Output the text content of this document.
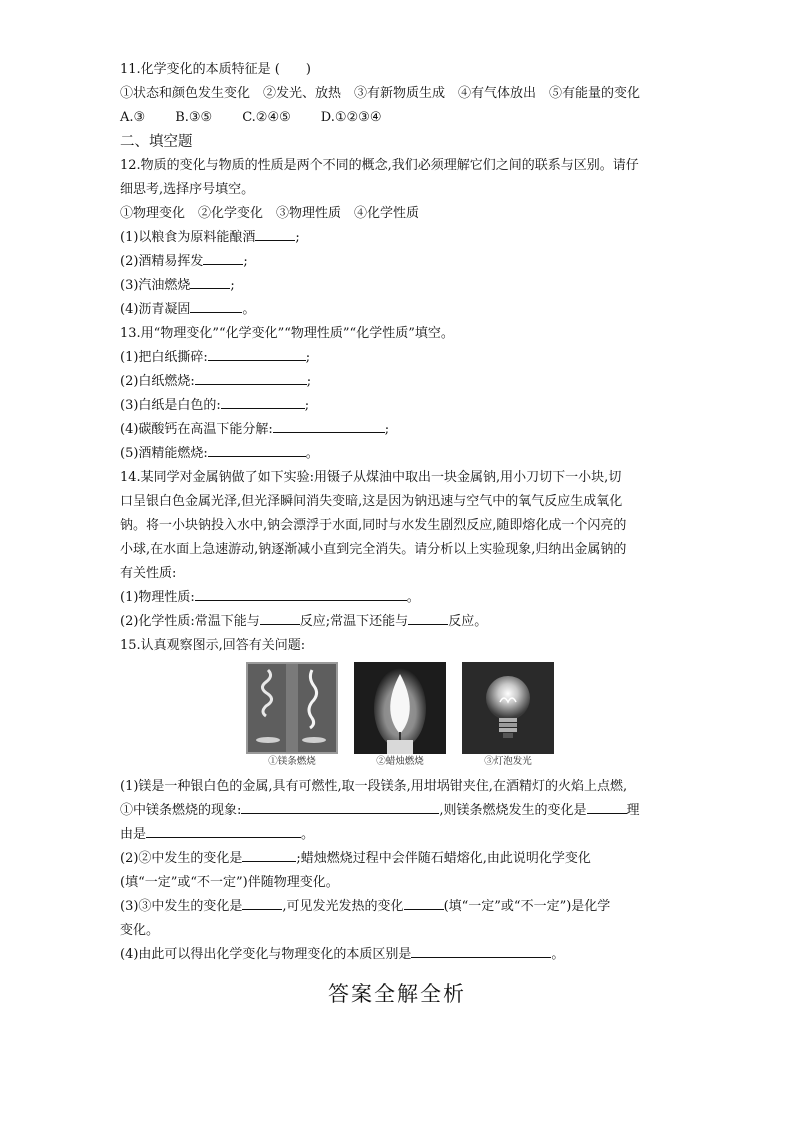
11.化学变化的本质特征是 (　　)
①状态和颜色发生变化　②发光、放热　③有新物质生成　④有气体放出　⑤有能量的变化
A.③ B.③⑤ C.②④⑤ D.①②③④
二、填空题
12.物质的变化与物质的性质是两个不同的概念,我们必须理解它们之间的联系与区别。请仔
细思考,选择序号填空。
①物理变化　②化学变化　③物理性质　④化学性质
(1)以粮食为原料能酿酒	;
(2)酒精易挥发	;
(3)汽油燃烧	;
(4)沥青凝固	。
13.用“物理变化”“化学变化”“物理性质”“化学性质”填空。
(1)把白纸撕碎:	;
(2)白纸燃烧:	;
(3)白纸是白色的:	;
(4)碳酸钙在高温下能分解:	;
(5)酒精能燃烧:	。
14.某同学对金属钠做了如下实验:用镊子从煤油中取出一块金属钠,用小刀切下一小块,切
口呈银白色金属光泽,但光泽瞬间消失变暗,这是因为钠迅速与空气中的氧气反应生成氧化
钠。将一小块钠投入水中,钠会漂浮于水面,同时与水发生剧烈反应,随即熔化成一个闪亮的
小球,在水面上急速游动,钠逐渐减小直到完全消失。请分析以上实验现象,归纳出金属钠的
有关性质:
(1)物理性质:	。
(2)化学性质:常温下能与	反应;常温下还能与	反应。
15.认真观察图示,回答有关问题:
①镁条燃烧	②蜡烛燃烧	③灯泡发光
(1)镁是一种银白色的金属,具有可燃性,取一段镁条,用坩埚钳夹住,在酒精灯的火焰上点燃,
①中镁条燃烧的现象:	,则镁条燃烧发生的变化是	理
由是	。
(2)②中发生的变化是	;蜡烛燃烧过程中会伴随石蜡熔化,由此说明化学变化
(填“一定”或“不一定”)伴随物理变化。
(3)③中发生的变化是	,可见发光发热的变化	(填“一定”或“不一定”)是化学
变化。
(4)由此可以得出化学变化与物理变化的本质区别是	。
答案全解全析
